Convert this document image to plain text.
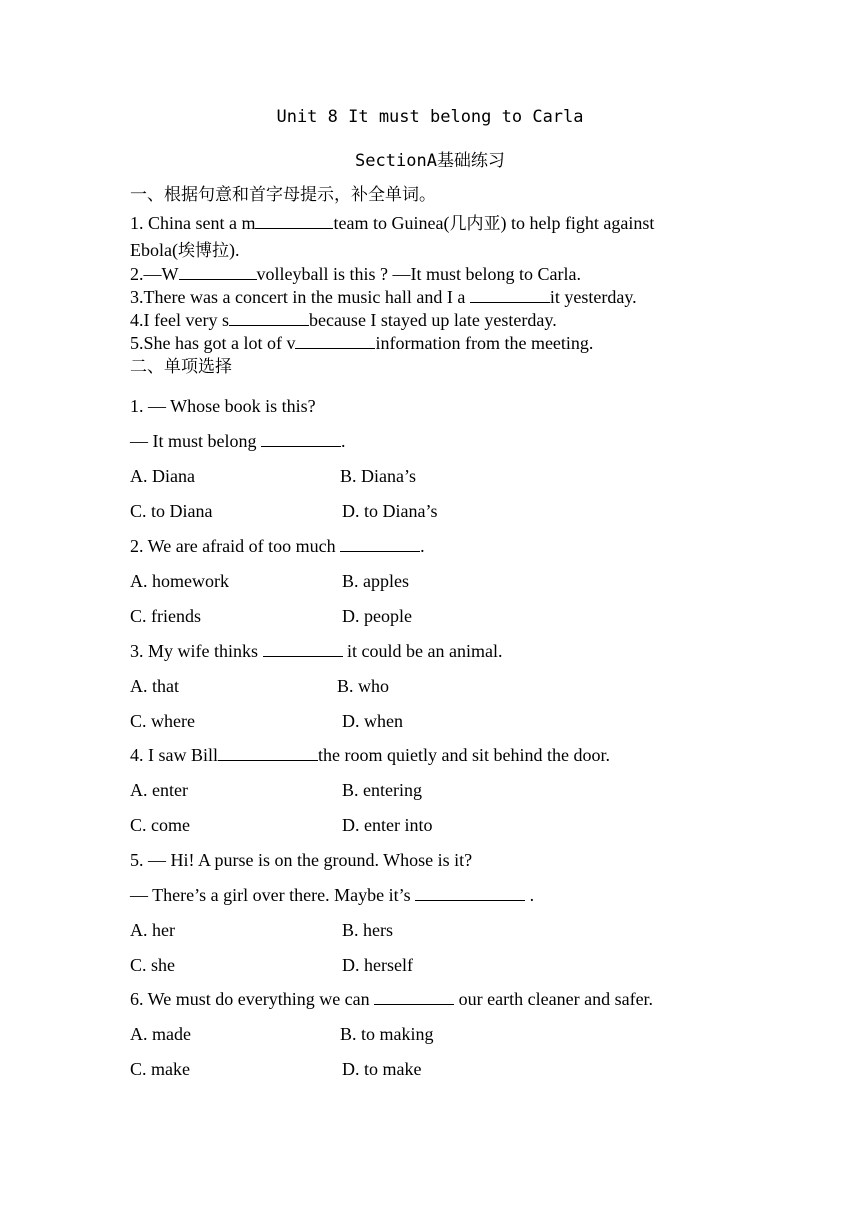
Unit 8 It must belong to Carla
SectionA基础练习
一、根据句意和首字母提示，补全单词。
1. China sent a m	team to Guinea(几内亚) to help fight against
Ebola(埃博拉).
2.—W	volleyball is this ? —It must belong to Carla.
3.There was a concert in the music hall and I a	it yesterday.
4.I feel very s	because I stayed up late yesterday.
5.She has got a lot of v	information from the meeting.
二、单项选择
1. — Whose book is this?
— It must belong	.
A. Diana	B. Diana’s
C. to Diana	D. to Diana’s
2. We are afraid of too much	.
A. homework	B. apples
C. friends	D. people
3. My wife thinks	it could be an animal.
A. that	B. who
C. where	D. when
4. I saw Bill	the room quietly and sit behind the door.
A. enter	B. entering
C. come	D. enter into
5. — Hi! A purse is on the ground. Whose is it?
— There’s a girl over there. Maybe it’s	.
A. her	B. hers
C. she	D. herself
6. We must do everything we can	our earth cleaner and safer.
A. made	B. to making
C. make	D. to make
